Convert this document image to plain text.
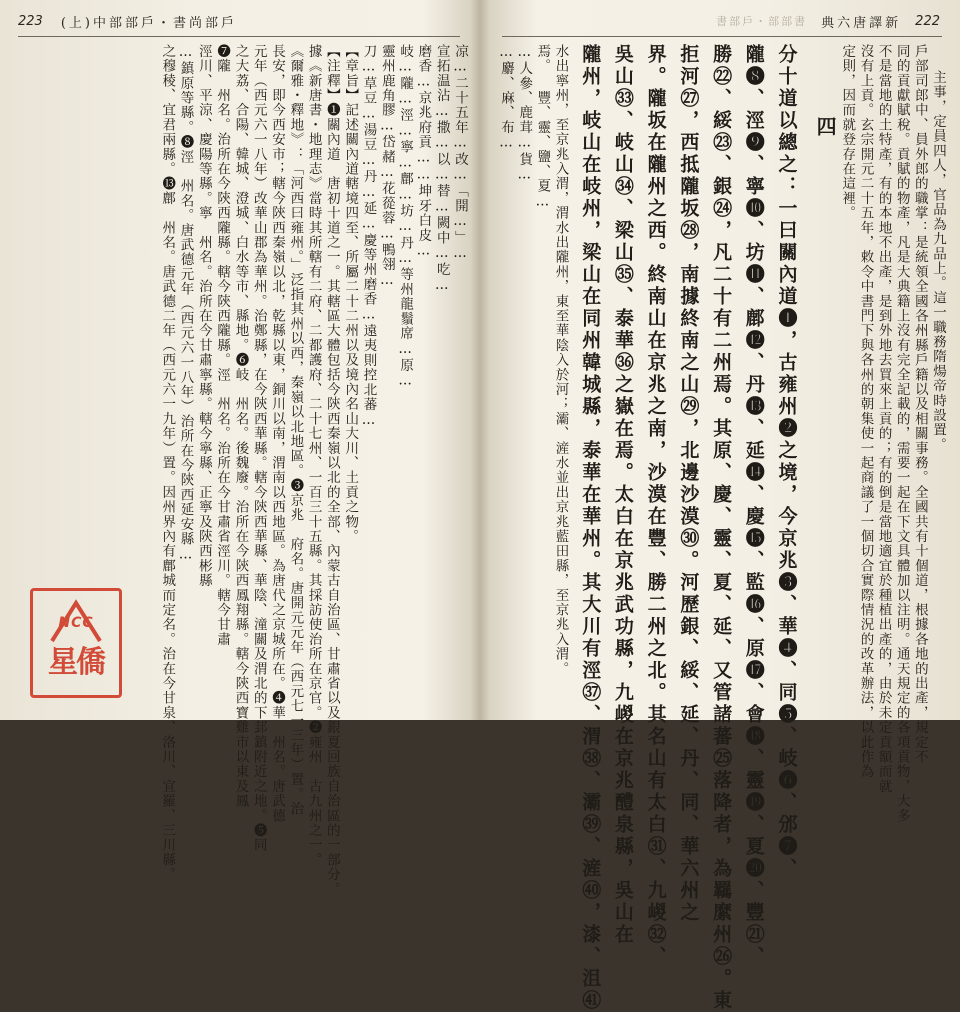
223 (上)中部部戶・書尚部戶
凉…二十五年…改…「開…」…
宣拓温沾…撒…以…替…闕中…吃…
磨香…京兆府貢……坤牙白皮…
岐…隴…涇…寧…鄜…坊…丹…等州龍鬚席…原…
靈州鹿角膠…岱赭…花蓯蓉…鴨翎…
刀…草豆…湯豆…丹…延…慶等州磨香…遠夷則控北蕃…
【章旨】記述關內道轄境四至、所屬二十二州以及境內名山大川、土貢之物。
【注釋】❶關內道　唐初十道之一。其轄區大體包括今陝西秦嶺以北的全部、內蒙古自治區、甘肅省以及銀夏回族自治區的一部分。
據《新唐書・地理志》當時其所轄有二府、二都護府、二十七州、一百三十五縣。其採訪使治所在京官。❷雍州　古九州之一。
《爾雅・釋地》：「河西曰雍州。」泛指其州以西，秦嶺以北地區。❸京兆　府名。唐開元元年（西元七一三年）置。治
長安，即今西安市；轄今陝西秦嶺以北，乾縣以東，銅川以南，渭南以西地區。為唐代之京城所在。❹華　州名。唐武德
元年（西元六一八年）改華山郡為華州。治鄭縣，在今陝西華縣。轄今陝西華縣、華陰、潼關及渭北的下邽鎮附近之地。❺同
之大荔、合陽、韓城、澄城、白水等市、縣地。❻岐　州名。後魏廢。治所在今陝西鳳翔縣。轄今陝西寶雞市以東及鳳
❼隴　州名。治所在今陝西隴縣。轄今陝西隴縣。涇　州名。治所在今甘肅省涇川。轄今甘肅
涇川、平涼、慶陽等縣。寧　州名。治所在今甘肅寧縣。轄今寧縣、正寧及陝西彬縣
…鎮原等縣。❽涇　州名。唐武德元年（西元六一八年）治所在今陝西延安縣…
之穆稜、宜君兩縣。⓭鄜　州名。唐武德二年（西元六一九年）置。因州界內有鄜城而定名。治在今甘泉、洛川、宜羅、三川縣。
NCC
星僑
書部戶・部部書 典六唐譯新 222
主事，定員四人，官品為九品上。這一職務隋煬帝時設置。
戶部司郎中、員外郎的職掌：是統領全國各州縣戶籍以及相關事務。全國共有十個道，根據各地的出產，規定不
同的貢獻賦稅。貢賦的物產，凡是大典籍上沒有完全記載的，需要一起在下文具體加以注明。通天規定的各項貢物，大多
不是當地的土特產，有的本地不出產，是到外地去買來上貢的；有的倒是當地適宜於種植出產的，由於未定貢額而就
沒有上貢。玄宗開元二十五年，敕令中書門下與各州的朝集使一起商議了一個切合實際情況的改革辦法，以此作為
定則，因而就登存在這裡。
四
分十道以總之：一曰關內道❶，古雍州❷之境，今京兆❸、華❹、同❺、岐❻、邠❼、
隴❽、涇❾、寧❿、坊⓫、鄜⓬、丹⓭、延⓮、慶⓯、監⓰、原⓱、會⓲、靈⓳、夏⓴、豐㉑、
勝㉒、綏㉓、銀㉔，凡二十有二州焉。其原、慶、靈、夏、延、又管諸蕃㉕落降者，為羈縻州㉖。東
拒河㉗，西抵隴坂㉘，南據終南之山㉙，北邊沙漠㉚。河歷銀、綏、延、丹、同、華六州之
界。隴坂在隴州之西。終南山在京兆之南，沙漠在豐、勝二州之北。其名山有太白㉛、九嵕㉜、
吳山㉝、岐山㉞、梁山㉟、泰華㊱之嶽在焉。太白在京兆武功縣，九嵕在京兆醴泉縣，吳山在
隴州，岐山在岐州，梁山在同州韓城縣，泰華在華州。其大川有涇㊲、渭㊳、灞㊴、滻㊵，漆、沮㊶
水出寧州，至京兆入渭，渭水出隴州，東至華陰入於河；灞、滻水並出京兆藍田縣，至京兆入渭。
焉。 豐、靈、鹽、夏…
…人參、鹿茸…貨…
…麝、麻、布…
